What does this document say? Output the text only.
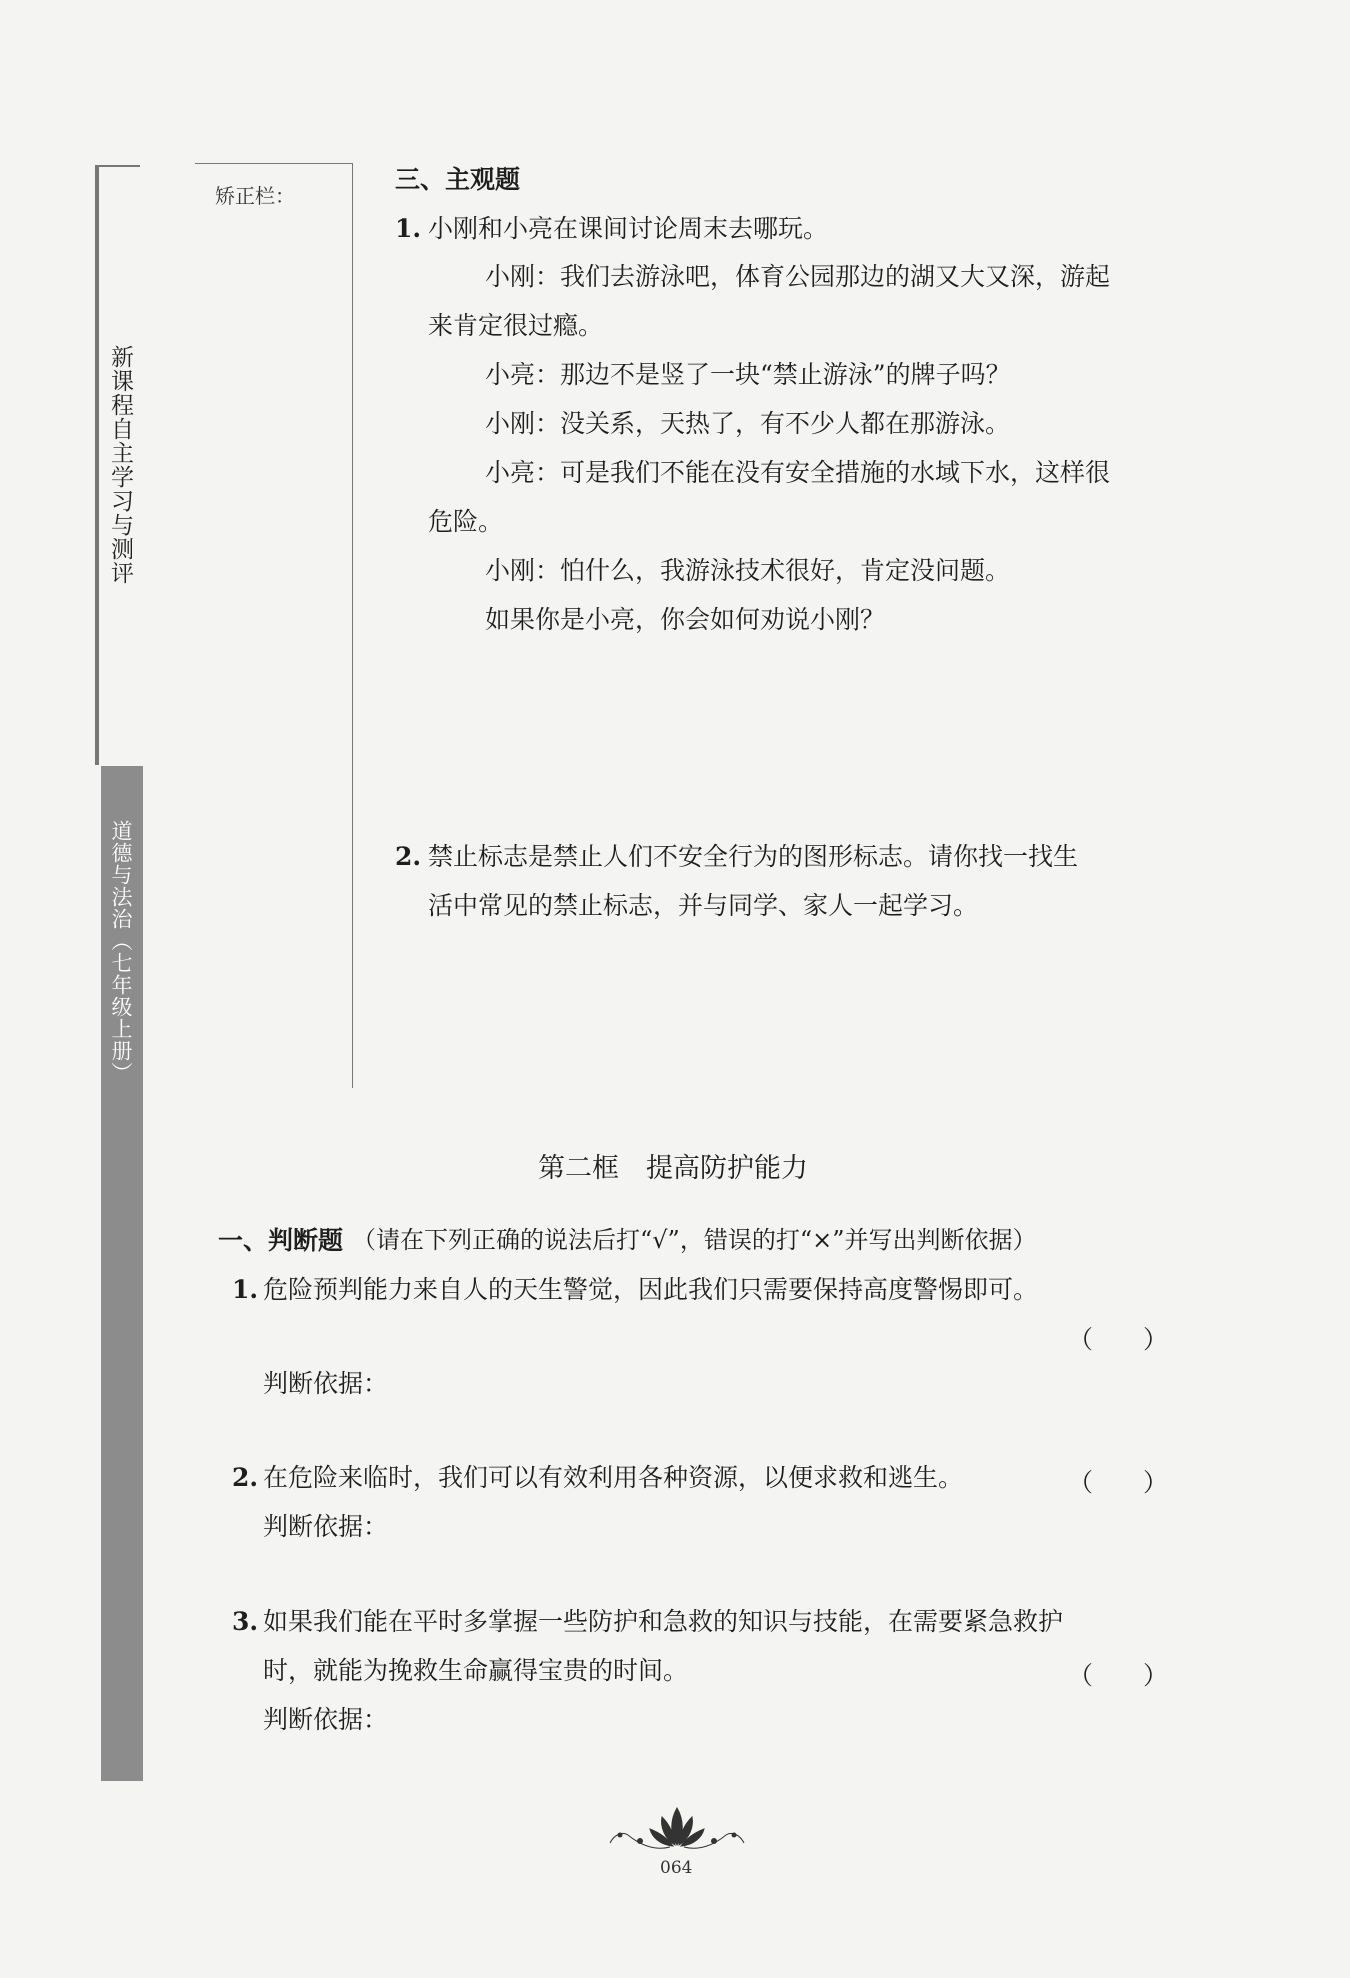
新课程自主学习与测评
道德与法治（七年级上册）
矫正栏：
三、主观题
1. 小刚和小亮在课间讨论周末去哪玩。
小刚：我们去游泳吧，体育公园那边的湖又大又深，游起
来肯定很过瘾。
小亮：那边不是竖了一块“禁止游泳”的牌子吗？
小刚：没关系，天热了，有不少人都在那游泳。
小亮：可是我们不能在没有安全措施的水域下水，这样很
危险。
小刚：怕什么，我游泳技术很好，肯定没问题。
如果你是小亮，你会如何劝说小刚？
2. 禁止标志是禁止人们不安全行为的图形标志。请你找一找生
活中常见的禁止标志，并与同学、家人一起学习。
第二框　提高防护能力
一、判断题 （请在下列正确的说法后打“√”，错误的打“×”并写出判断依据）
1. 危险预判能力来自人的天生警觉，因此我们只需要保持高度警惕即可。
（　　）
判断依据：
2. 在危险来临时，我们可以有效利用各种资源，以便求救和逃生。	（　　）
判断依据：
3. 如果我们能在平时多掌握一些防护和急救的知识与技能，在需要紧急救护
时，就能为挽救生命赢得宝贵的时间。	（　　）
判断依据：
064
